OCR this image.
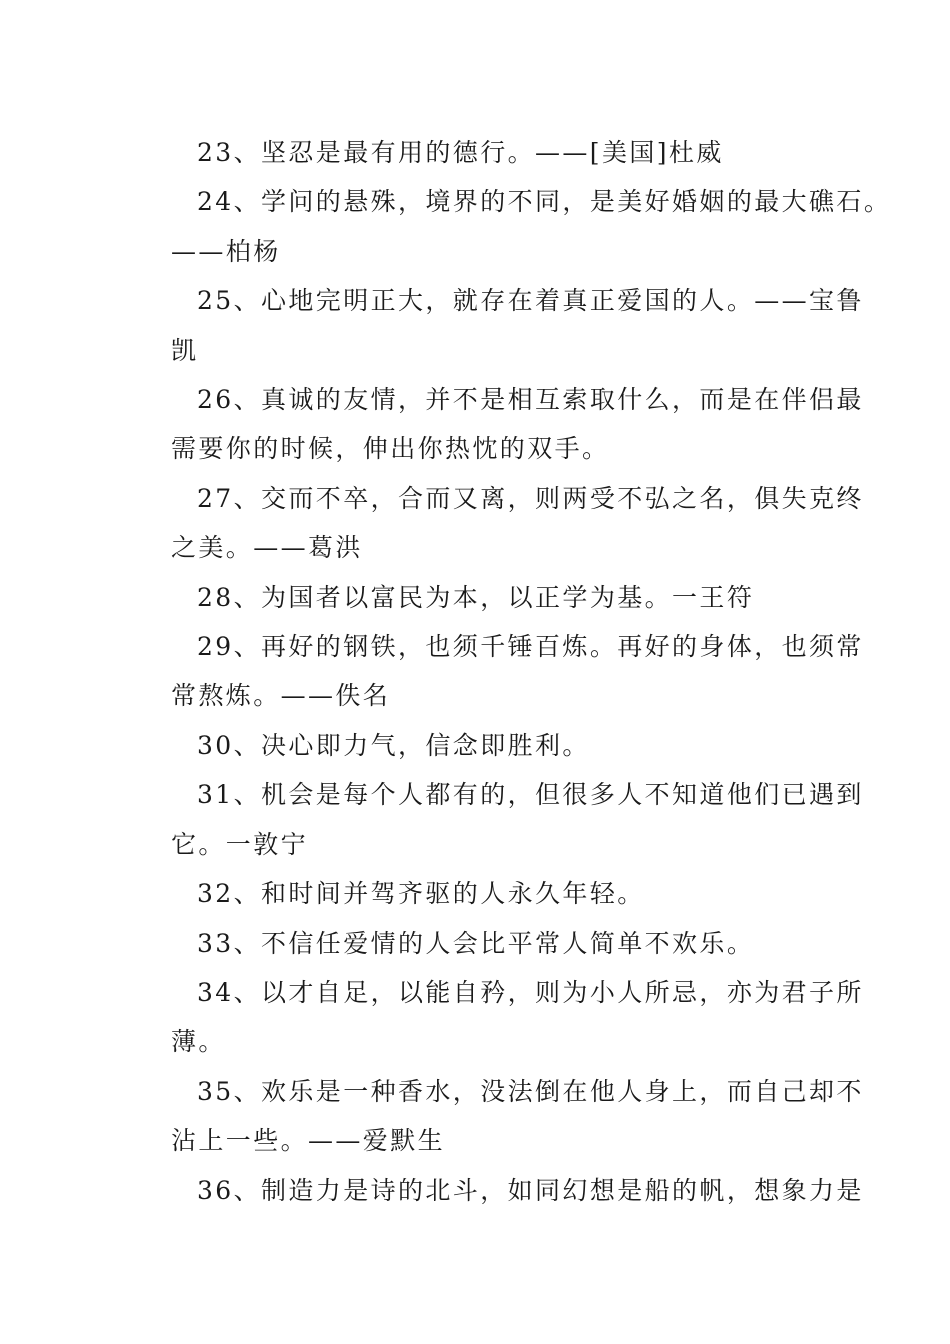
23、坚忍是最有用的德行。——[美国]杜威
24、学问的悬殊，境界的不同，是美好婚姻的最大礁石。
——柏杨
25、心地完明正大，就存在着真正爱国的人。——宝鲁
凯
26、真诚的友情，并不是相互索取什么，而是在伴侣最
需要你的时候，伸出你热忱的双手。
27、交而不卒，合而又离，则两受不弘之名，俱失克终
之美。——葛洪
28、为国者以富民为本，以正学为基。一王符
29、再好的钢铁，也须千锤百炼。再好的身体，也须常
常熬炼。——佚名
30、决心即力气，信念即胜利。
31、机会是每个人都有的，但很多人不知道他们已遇到
它。一敦宁
32、和时间并驾齐驱的人永久年轻。
33、不信任爱情的人会比平常人简单不欢乐。
34、以才自足，以能自矜，则为小人所忌，亦为君子所
薄。
35、欢乐是一种香水，没法倒在他人身上，而自己却不
沾上一些。——爱默生
36、制造力是诗的北斗，如同幻想是船的帆，想象力是
